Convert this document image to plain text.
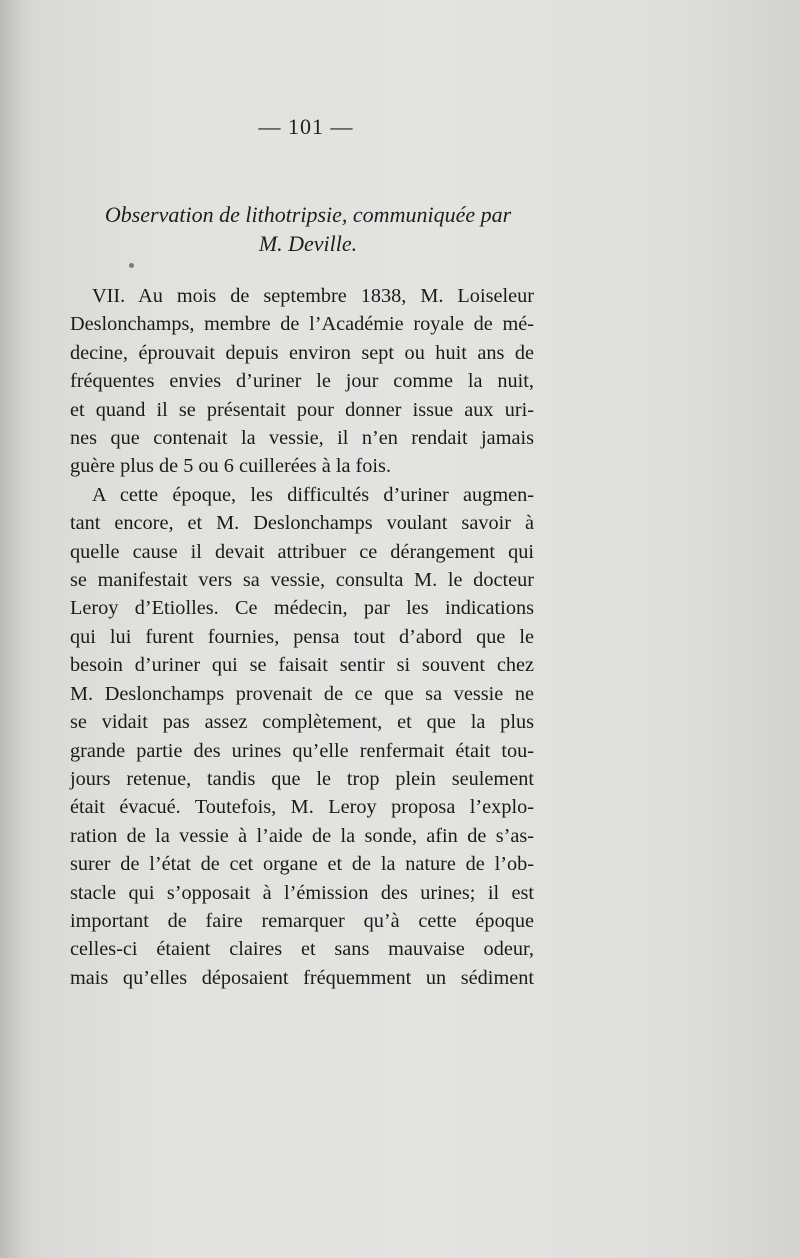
— 101 —
Observation de lithotripsie, communiquée par
M. Deville.

VII. Au mois de septembre 1838, M. Loiseleur
Deslonchamps, membre de l’Académie royale de mé-
decine, éprouvait depuis environ sept ou huit ans de
fréquentes envies d’uriner le jour comme la nuit,
et quand il se présentait pour donner issue aux uri-
nes que contenait la vessie, il n’en rendait jamais
guère plus de 5 ou 6 cuillerées à la fois.

A cette époque, les difficultés d’uriner augmen-
tant encore, et M. Deslonchamps voulant savoir à
quelle cause il devait attribuer ce dérangement qui
se manifestait vers sa vessie, consulta M. le docteur
Leroy d’Etiolles. Ce médecin, par les indications
qui lui furent fournies, pensa tout d’abord que le
besoin d’uriner qui se faisait sentir si souvent chez
M. Deslonchamps provenait de ce que sa vessie ne
se vidait pas assez complètement, et que la plus
grande partie des urines qu’elle renfermait était tou-
jours retenue, tandis que le trop plein seulement
était évacué. Toutefois, M. Leroy proposa l’explo-
ration de la vessie à l’aide de la sonde, afin de s’as-
surer de l’état de cet organe et de la nature de l’ob-
stacle qui s’opposait à l’émission des urines; il est
important de faire remarquer qu’à cette époque
celles-ci étaient claires et sans mauvaise odeur,
mais qu’elles déposaient fréquemment un sédiment
